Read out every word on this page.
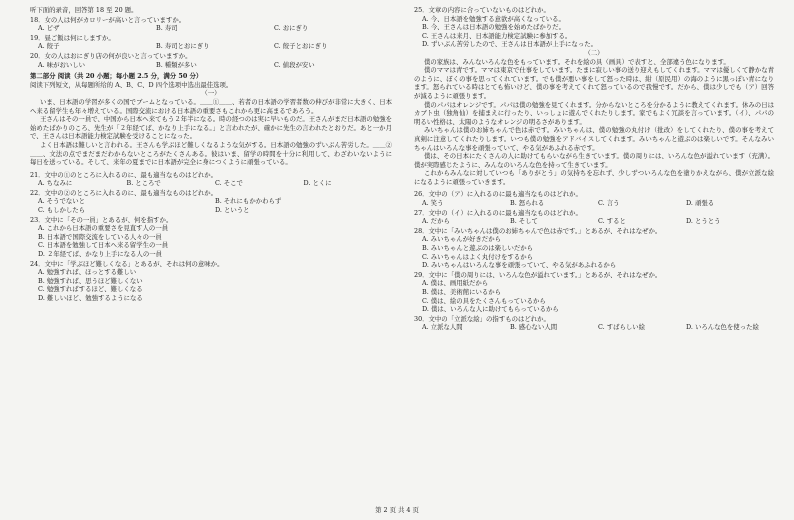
听下面的录音，回答第 18 至 20 题。
18．女の人は何がカロリーが高いと言っていますか。
A. ピザ	B. 寿司	C. おにぎり
19．昼ご飯は何にしますか。
A. 餃子	B. 寿司とおにぎり	C. 餃子とおにぎり
20．女の人はおにぎり店の何が良いと言っていますか。
A. 味がおいしい	B. 種類が多い	C. 値段が安い
第二部分 阅读（共 20 小题；每小题 2.5 分，满分 50 分）
阅读下列短文，从每题所给的 A、B、C、D 四个选项中选出最佳选项。
（一）
いま、日本語の学習が多くの国でブームとなっている。＿＿①＿＿、若者の日本語の学習者数の伸びが非常に大きく、日本へ来る留学生も年々増えている。国際交流における日本語の重要さもこれから更に高まるであろう。
王さんはその一員で、中国から日本へ来てもう２年半になる。時の経つのは実に早いものだ。王さんがまだ日本語の勉強を始めたばかりのころ、先生が「２年経てば、かなり上手になる。」と言われたが、確かに先生の言われたとおりだ。あと一か月で、王さんは日本語能力検定試験を受けることになった。
よく日本語は難しいと言われる。王さんも学ぶほど難しくなるような気がする。日本語の勉強のずいぶん苦労した。＿＿②＿＿、文法の点でまだまだわからないところがたくさんある。彼はいま、留学の時間を十分に利用して、わざわいないように毎日を送っている。そして、来年の夏までに日本語が完全に身につくように頑張っている。
21．文中の①のところに入れるのに、最も適当なものはどれか。
A. ちなみに	B. ところで	C. そこで	D. とくに
22．文中の②のところに入れるのに、最も適当なものはどれか。
A. そうでないと	B. それにもかかわらず
C. もしかしたら	D. というと
23．文中に「その一員」とあるが、何を指すか。
A. これから日本語の重要さを見直す人の一員
B. 日本語で国際交流をしている人々の一員
C. 日本語を勉強して日本へ来る留学生の一員
D. ２年経てば、かなり上手になる人の一員
24．文中に「学ぶほど難しくなる」とあるが、それは何の意味か。
A. 勉強すれば、ほっとする難しい
B. 勉強すれば、思うほど難しくない
C. 勉強すればするほど、難しくなる
D. 難しいほど、勉強するようになる
25．文章の内容に合っていないものはどれか。
A. 今、日本語を勉強する意欲が高くなっている。
B. 今、王さんは日本語の勉強を始めたばかりだ。
C. 王さんは来月、日本語能力検定試験に参加する。
D. ずいぶん苦労したので、王さんは日本語が上手になった。
（二）
僕の家族は、みんないろんな色をもっています。それを絵の具（画具）で表すと、全部違う色になります。
僕のママは青です。ママは東京で仕事をしています。たまに寂しい事の送り迎えもしてくれます。ママは優しくて静かな青のように、ぼくの事を思ってくれています。でも僕が悪い事をして怒った時は、紺（原民用）の海のように黒っぽい青になります。怒られている時はとても怖いけど、僕の事を考えてくれて怒っているので我慢です。だから、僕は少しでも（ア）回答が減るように頑張ります。
僕のパパはオレンジです。パパは僕の勉強を見てくれます。分からないところを分かるように教えてくれます。休みの日はカブト虫（独角仙）を捕まえに行ったり、いっしょに遊んでくれたりします。家でもよく冗談を言っています。（イ）、パパの明るい性格は、太陽のようなオレンジの明るさがあります。
みいちゃんは僕のお姉ちゃんで色は赤です。みいちゃんは、僕の勉強の丸付け（批改）をしてくれたり、僕の事を考えて真剣に注意してくれたりします。いつも僕の勉強をアドバイスしてくれます。みいちゃんと遊ぶのは楽しいです。そんなみいちゃんはいろんな事を頑張っていて、やる気があふれる赤です。
僕は、その日本にたくさんの人に助けてもらいながら生きています。僕の周りには、いろんな色が溢れています（充满）。僕が実際感じたように、みんなのいろんな色を持って生きています。
これからみんなに対していつも「ありがとう」の気持ちを忘れず、少しずついろんな色を塗りかえながら、僕が立派な絵になるように頑張っていきます。
26．文中の（ア）に入れるのに最も適当なものはどれか。
A. 笑う	B. 怒られる	C. 言う	D. 頑張る
27．文中の（イ）に入れるのに最も適当なものはどれか。
A. だから	B. そして	C. すると	D. とうとう
28．文中に「みいちゃんは僕のお姉ちゃんで色は赤です。」とあるが、それはなぜか。
A. みいちゃんが好きだから
B. みいちゃんと遊ぶのは楽しいだから
C. みいちゃんはよく丸付けをするから
D. みいちゃんはいろんな事を頑張っていて、やる気があふれるから
29．文中に「僕の周りには、いろんな色が溢れています。」とあるが、それはなぜか。
A. 僕は、画用紙だから
B. 僕は、美術館にいるから
C. 僕は、絵の具をたくさんもっているから
D. 僕は、いろんな人に助けてもらっているから
30．文中の「立派な絵」の指すものはどれか。
A. 立派な人間	B. 感心ない人間	C. すばらしい絵	D. いろんな色を使った絵
第 2 页 共 4 页
